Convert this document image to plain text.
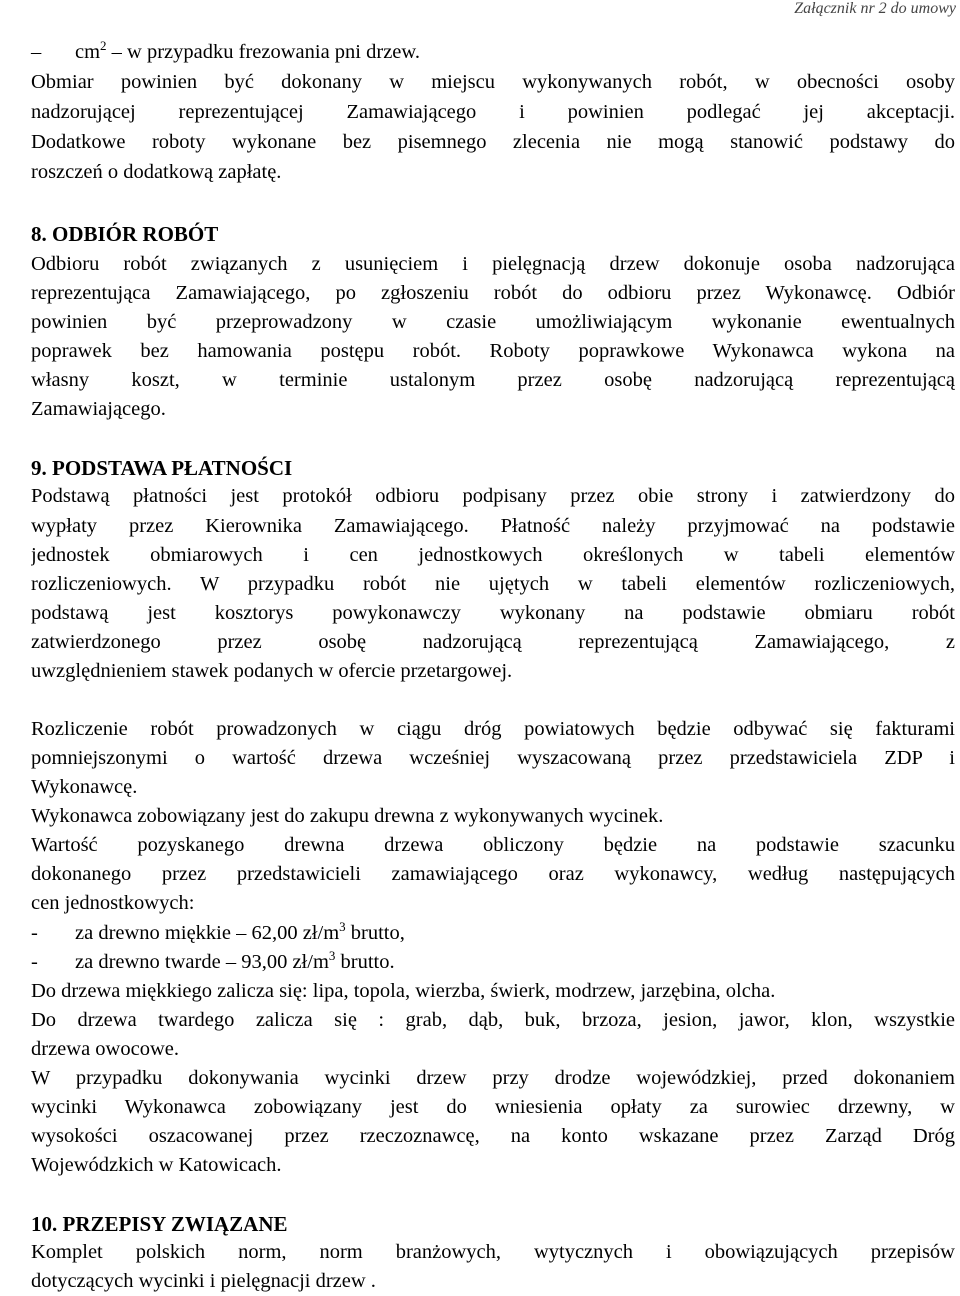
Załącznik nr 2 do umowy
– $cm^2$ – w przypadku frezowania pni drzew.
Obmiar powinien być dokonany w miejscu wykonywanych robót, w obecności osoby
nadzorującej reprezentującej Zamawiającego i powinien podlegać jej akceptacji.
Dodatkowe roboty wykonane bez pisemnego zlecenia nie mogą stanowić podstawy do
roszczeń o dodatkową zapłatę.
8. ODBIÓR ROBÓT
Odbioru robót związanych z usunięciem i pielęgnacją drzew dokonuje osoba nadzorująca
reprezentująca Zamawiającego, po zgłoszeniu robót do odbioru przez Wykonawcę. Odbiór
powinien być przeprowadzony w czasie umożliwiającym wykonanie ewentualnych
poprawek bez hamowania postępu robót. Roboty poprawkowe Wykonawca wykona na
własny koszt, w terminie ustalonym przez osobę nadzorującą reprezentującą
Zamawiającego.
9. PODSTAWA PŁATNOŚCI
Podstawą płatności jest protokół odbioru podpisany przez obie strony i zatwierdzony do
wypłaty przez Kierownika Zamawiającego. Płatność należy przyjmować na podstawie
jednostek obmiarowych i cen jednostkowych określonych w tabeli elementów
rozliczeniowych. W przypadku robót nie ujętych w tabeli elementów rozliczeniowych,
podstawą jest kosztorys powykonawczy wykonany na podstawie obmiaru robót
zatwierdzonego przez osobę nadzorującą reprezentującą Zamawiającego, z
uwzględnieniem stawek podanych w ofercie przetargowej.
Rozliczenie robót prowadzonych w ciągu dróg powiatowych będzie odbywać się fakturami
pomniejszonymi o wartość drzewa wcześniej wyszacowaną przez przedstawiciela ZDP i
Wykonawcę.
Wykonawca zobowiązany jest do zakupu drewna z wykonywanych wycinek.
Wartość pozyskanego drewna drzewa obliczony będzie na podstawie szacunku
dokonanego przez przedstawicieli zamawiającego oraz wykonawcy, według następujących
cen jednostkowych:
- za drewno miękkie – 62,00 $zł/m^3$ brutto,
- za drewno twarde – 93,00 $zł/m^3$ brutto.
Do drzewa miękkiego zalicza się: lipa, topola, wierzba, świerk, modrzew, jarzębina, olcha.
Do drzewa twardego zalicza się : grab, dąb, buk, brzoza, jesion, jawor, klon, wszystkie
drzewa owocowe.
W przypadku dokonywania wycinki drzew przy drodze wojewódzkiej, przed dokonaniem
wycinki Wykonawca zobowiązany jest do wniesienia opłaty za surowiec drzewny, w
wysokości oszacowanej przez rzeczoznawcę, na konto wskazane przez Zarząd Dróg
Wojewódzkich w Katowicach.
10. PRZEPISY ZWIĄZANE
Komplet polskich norm, norm branżowych, wytycznych i obowiązujących przepisów
dotyczących wycinki i pielęgnacji drzew .
